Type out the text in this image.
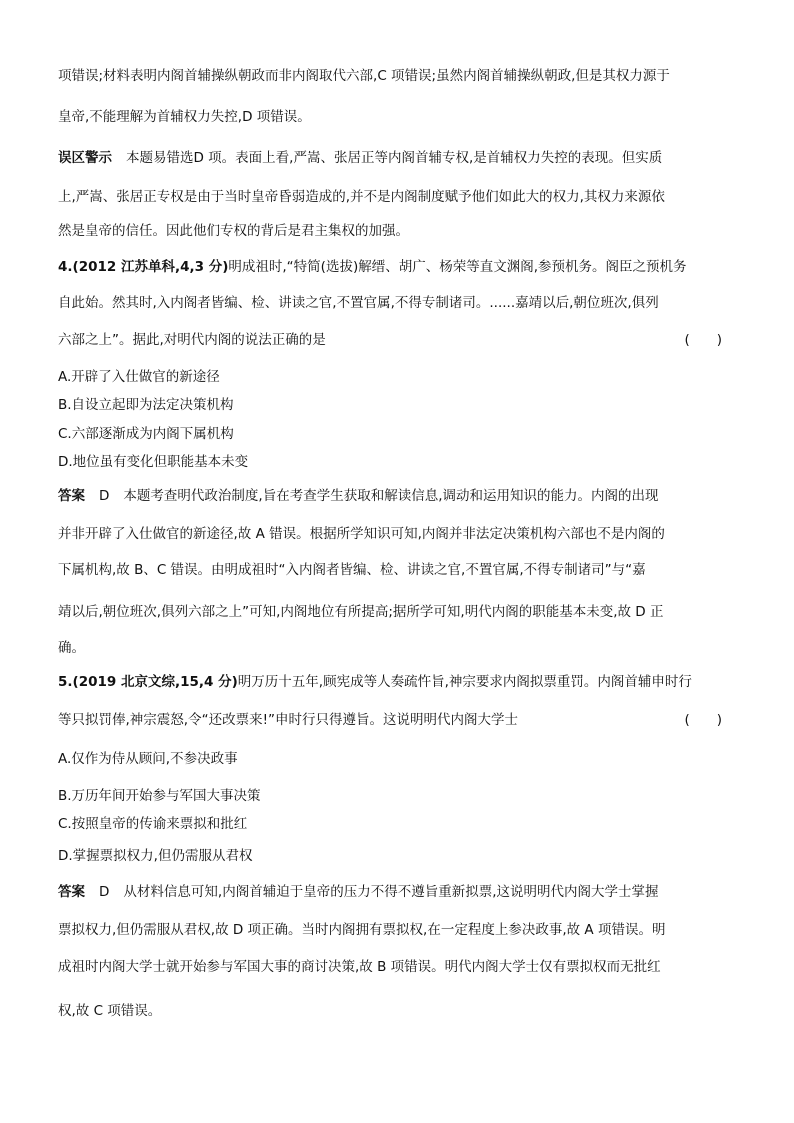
项错误;材料表明内阁首辅操纵朝政而非内阁取代六部,C 项错误;虽然内阁首辅操纵朝政,但是其权力源于
皇帝,不能理解为首辅权力失控,D 项错误。
误区警示 本题易错选D 项。表面上看,严嵩、张居正等内阁首辅专权,是首辅权力失控的表现。但实质
上,严嵩、张居正专权是由于当时皇帝昏弱造成的,并不是内阁制度赋予他们如此大的权力,其权力来源依
然是皇帝的信任。因此他们专权的背后是君主集权的加强。
4.(2012 江苏单科,4,3 分)明成祖时,“特简(选拔)解缙、胡广、杨荣等直文渊阁,参预机务。阁臣之预机务
自此始。然其时,入内阁者皆编、检、讲读之官,不置官属,不得专制诸司。......嘉靖以后,朝位班次,俱列
六部之上”。据此,对明代内阁的说法正确的是	(　　)
A.开辟了入仕做官的新途径
B.自设立起即为法定决策机构
C.六部逐渐成为内阁下属机构
D.地位虽有变化但职能基本未变
答案 D 本题考查明代政治制度,旨在考查学生获取和解读信息,调动和运用知识的能力。内阁的出现
并非开辟了入仕做官的新途径,故 A 错误。根据所学知识可知,内阁并非法定决策机构六部也不是内阁的
下属机构,故 B、C 错误。由明成祖时“入内阁者皆编、检、讲读之官,不置官属,不得专制诸司”与“嘉
靖以后,朝位班次,俱列六部之上”可知,内阁地位有所提高;据所学可知,明代内阁的职能基本未变,故 D 正
确。
5.(2019 北京文综,15,4 分)明万历十五年,顾宪成等人奏疏忤旨,神宗要求内阁拟票重罚。内阁首辅申时行
等只拟罚俸,神宗震怒,令“还改票来!”申时行只得遵旨。这说明明代内阁大学士	(　　)
A.仅作为侍从顾问,不参决政事
B.万历年间开始参与军国大事决策
C.按照皇帝的传谕来票拟和批红
D.掌握票拟权力,但仍需服从君权
答案 D 从材料信息可知,内阁首辅迫于皇帝的压力不得不遵旨重新拟票,这说明明代内阁大学士掌握
票拟权力,但仍需服从君权,故 D 项正确。当时内阁拥有票拟权,在一定程度上参决政事,故 A 项错误。明
成祖时内阁大学士就开始参与军国大事的商讨决策,故 B 项错误。明代内阁大学士仅有票拟权而无批红
权,故 C 项错误。
